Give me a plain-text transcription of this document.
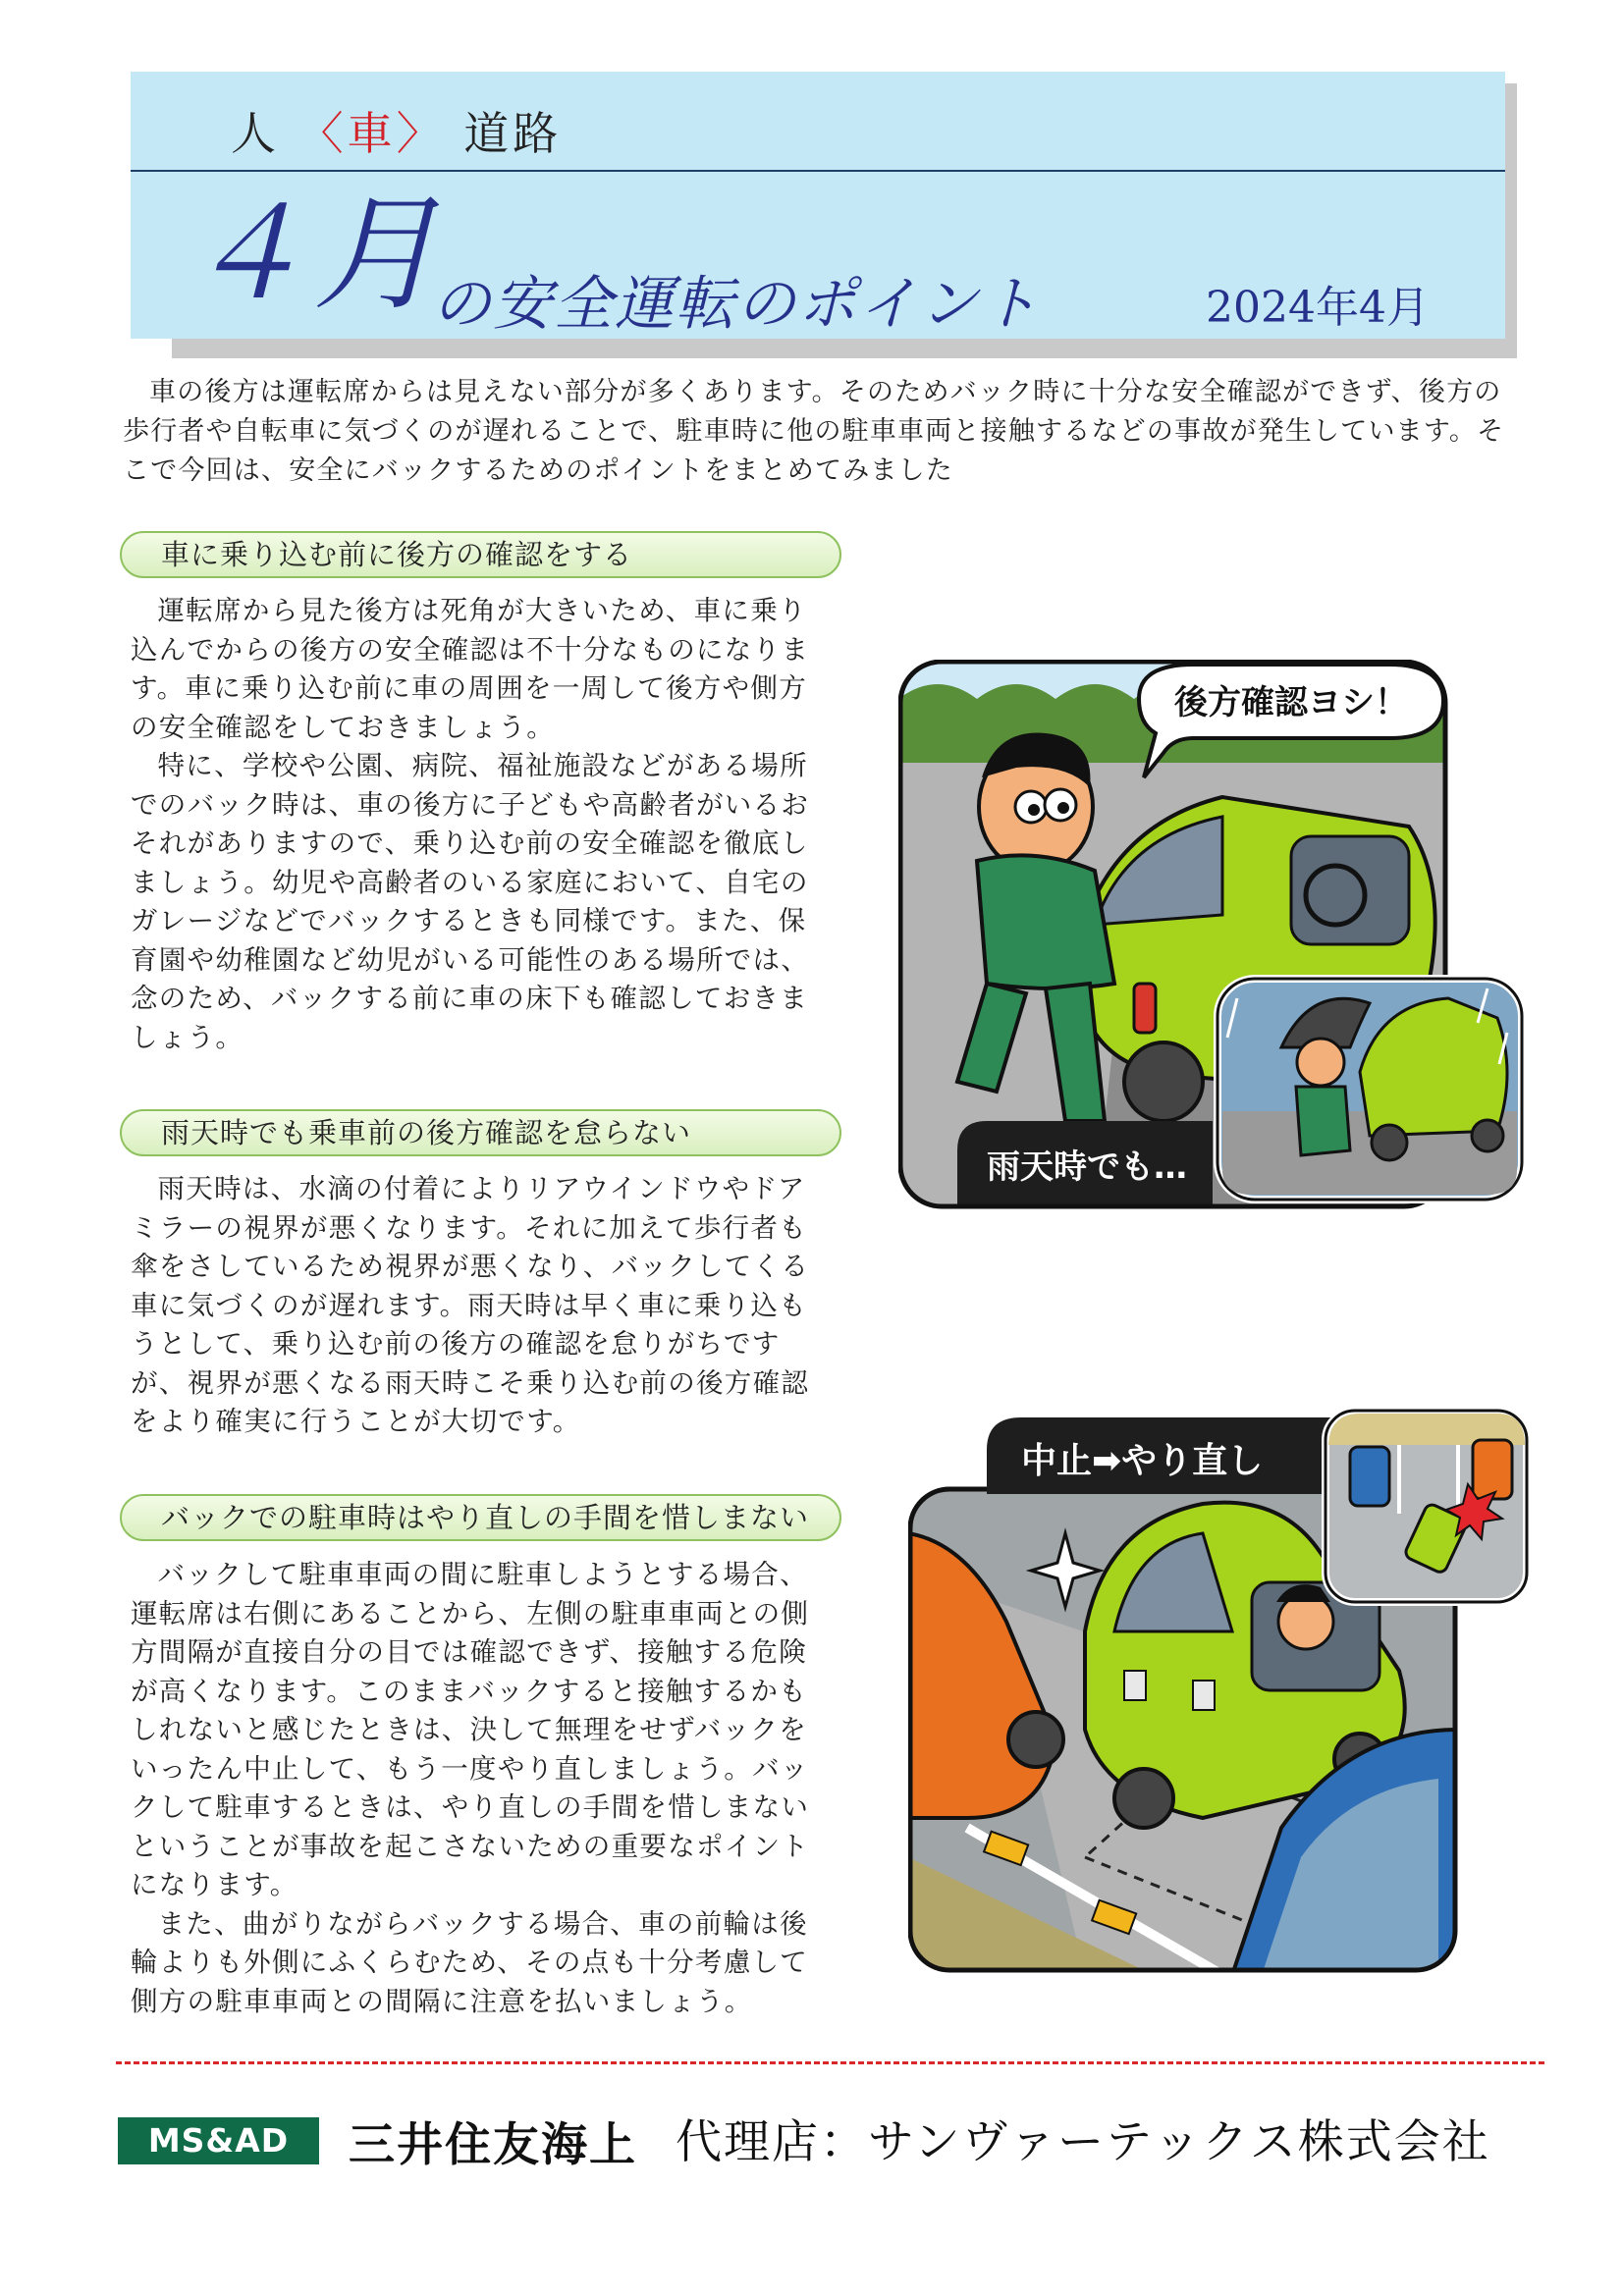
人 〈車〉 道路
４月
の安全運転のポイント	2024年4月
車の後方は運転席からは見えない部分が多くあります。そのためバック時に十分な安全確認ができず、後方の歩行者や自転車に気づくのが遅れることで、駐車時に他の駐車車両と接触するなどの事故が発生しています。そこで今回は、安全にバックするためのポイントをまとめてみました
車に乗り込む前に後方の確認をする

運転席から見た後方は死角が大きいため、車に乗り込んでからの後方の安全確認は不十分なものになります。車に乗り込む前に車の周囲を一周して後方や側方の安全確認をしておきましょう。

特に、学校や公園、病院、福祉施設などがある場所でのバック時は、車の後方に子どもや高齢者がいるおそれがありますので、乗り込む前の安全確認を徹底しましょう。幼児や高齢者のいる家庭において、自宅のガレージなどでバックするときも同様です。また、保育園や幼稚園など幼児がいる可能性のある場所では、念のため、バックする前に車の床下も確認しておきましょう。

雨天時でも乗車前の後方確認を怠らない

雨天時は、水滴の付着によりリアウインドウやドアミラーの視界が悪くなります。それに加えて歩行者も傘をさしているため視界が悪くなり、バックしてくる車に気づくのが遅れます。雨天時は早く車に乗り込もうとして、乗り込む前の後方の確認を怠りがちですが、視界が悪くなる雨天時こそ乗り込む前の後方確認をより確実に行うことが大切です。

バックでの駐車時はやり直しの手間を惜しまない

バックして駐車車両の間に駐車しようとする場合、運転席は右側にあることから、左側の駐車車両との側方間隔が直接自分の目では確認できず、接触する危険が高くなります。このままバックすると接触するかもしれないと感じたときは、決して無理をせずバックをいったん中止して、もう一度やり直しましょう。バックして駐車するときは、やり直しの手間を惜しまないということが事故を起こさないための重要なポイントになります。

また、曲がりながらバックする場合、車の前輪は後輪よりも外側にふくらむため、その点も十分考慮して側方の駐車車両との間隔に注意を払いましょう。

後方確認ヨシ！
雨天時でも…
中止➡やり直し
MS&AD	三井住友海上 代理店：サンヴァーテックス株式会社
